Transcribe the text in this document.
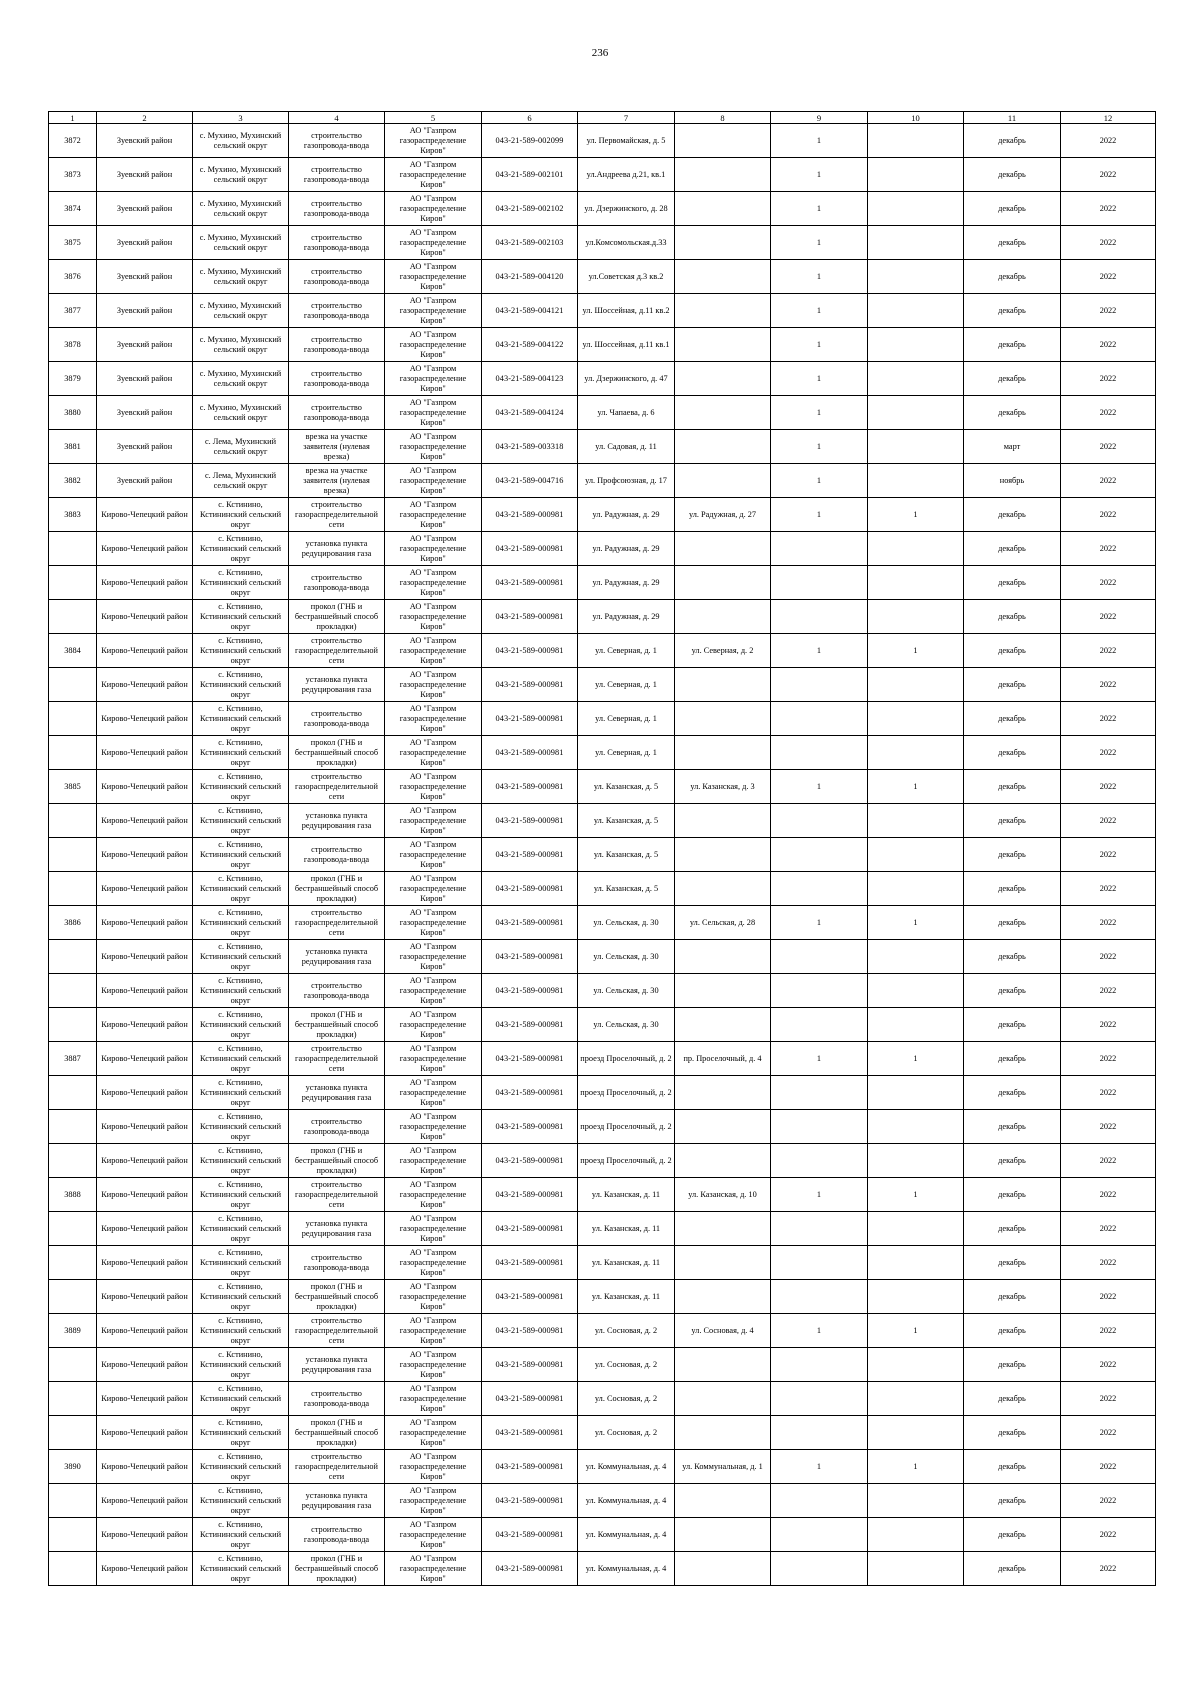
236
1	2	3	4	5	6	7	8	9	10	11	12
3872	Зуевский район	с. Мухино, Мухинский сельский округ	строительство газопровода-ввода	АО "Газпром газораспределение Киров"	043-21-589-002099	ул. Первомайская, д. 5		1		декабрь	2022
3873	Зуевский район	с. Мухино, Мухинский сельский округ	строительство газопровода-ввода	АО "Газпром газораспределение Киров"	043-21-589-002101	ул.Андреева д.21, кв.1		1		декабрь	2022
3874	Зуевский район	с. Мухино, Мухинский сельский округ	строительство газопровода-ввода	АО "Газпром газораспределение Киров"	043-21-589-002102	ул. Дзержинского, д. 28		1		декабрь	2022
3875	Зуевский район	с. Мухино, Мухинский сельский округ	строительство газопровода-ввода	АО "Газпром газораспределение Киров"	043-21-589-002103	ул.Комсомольская.д.33		1		декабрь	2022
3876	Зуевский район	с. Мухино, Мухинский сельский округ	строительство газопровода-ввода	АО "Газпром газораспределение Киров"	043-21-589-004120	ул.Советская д.3 кв.2		1		декабрь	2022
3877	Зуевский район	с. Мухино, Мухинский сельский округ	строительство газопровода-ввода	АО "Газпром газораспределение Киров"	043-21-589-004121	ул. Шоссейная, д.11 кв.2		1		декабрь	2022
3878	Зуевский район	с. Мухино, Мухинский сельский округ	строительство газопровода-ввода	АО "Газпром газораспределение Киров"	043-21-589-004122	ул. Шоссейная, д.11 кв.1		1		декабрь	2022
3879	Зуевский район	с. Мухино, Мухинский сельский округ	строительство газопровода-ввода	АО "Газпром газораспределение Киров"	043-21-589-004123	ул. Дзержинского, д. 47		1		декабрь	2022
3880	Зуевский район	с. Мухино, Мухинский сельский округ	строительство газопровода-ввода	АО "Газпром газораспределение Киров"	043-21-589-004124	ул. Чапаева, д. 6		1		декабрь	2022
3881	Зуевский район	с. Лема, Мухинский сельский округ	врезка на участке заявителя (нулевая врезка)	АО "Газпром газораспределение Киров"	043-21-589-003318	ул. Садовая, д. 11		1		март	2022
3882	Зуевский район	с. Лема, Мухинский сельский округ	врезка на участке заявителя (нулевая врезка)	АО "Газпром газораспределение Киров"	043-21-589-004716	ул. Профсоюзная, д. 17		1		ноябрь	2022
3883	Кирово-Чепецкий район	с. Кстинино, Кстининский сельский округ	строительство газораспределительной сети	АО "Газпром газораспределение Киров"	043-21-589-000981	ул. Радужная, д. 29	ул. Радужная, д. 27	1	1	декабрь	2022
	Кирово-Чепецкий район	с. Кстинино, Кстининский сельский округ	установка пункта редуцирования газа	АО "Газпром газораспределение Киров"	043-21-589-000981	ул. Радужная, д. 29				декабрь	2022
	Кирово-Чепецкий район	с. Кстинино, Кстининский сельский округ	строительство газопровода-ввода	АО "Газпром газораспределение Киров"	043-21-589-000981	ул. Радужная, д. 29				декабрь	2022
	Кирово-Чепецкий район	с. Кстинино, Кстининский сельский округ	прокол (ГНБ и бестраншейный способ прокладки)	АО "Газпром газораспределение Киров"	043-21-589-000981	ул. Радужная, д. 29				декабрь	2022
3884	Кирово-Чепецкий район	с. Кстинино, Кстининский сельский округ	строительство газораспределительной сети	АО "Газпром газораспределение Киров"	043-21-589-000981	ул. Северная, д. 1	ул. Северная, д. 2	1	1	декабрь	2022
	Кирово-Чепецкий район	с. Кстинино, Кстининский сельский округ	установка пункта редуцирования газа	АО "Газпром газораспределение Киров"	043-21-589-000981	ул. Северная, д. 1				декабрь	2022
	Кирово-Чепецкий район	с. Кстинино, Кстининский сельский округ	строительство газопровода-ввода	АО "Газпром газораспределение Киров"	043-21-589-000981	ул. Северная, д. 1				декабрь	2022
	Кирово-Чепецкий район	с. Кстинино, Кстининский сельский округ	прокол (ГНБ и бестраншейный способ прокладки)	АО "Газпром газораспределение Киров"	043-21-589-000981	ул. Северная, д. 1				декабрь	2022
3885	Кирово-Чепецкий район	с. Кстинино, Кстининский сельский округ	строительство газораспределительной сети	АО "Газпром газораспределение Киров"	043-21-589-000981	ул. Казанская, д. 5	ул. Казанская, д. 3	1	1	декабрь	2022
	Кирово-Чепецкий район	с. Кстинино, Кстининский сельский округ	установка пункта редуцирования газа	АО "Газпром газораспределение Киров"	043-21-589-000981	ул. Казанская, д. 5				декабрь	2022
	Кирово-Чепецкий район	с. Кстинино, Кстининский сельский округ	строительство газопровода-ввода	АО "Газпром газораспределение Киров"	043-21-589-000981	ул. Казанская, д. 5				декабрь	2022
	Кирово-Чепецкий район	с. Кстинино, Кстининский сельский округ	прокол (ГНБ и бестраншейный способ прокладки)	АО "Газпром газораспределение Киров"	043-21-589-000981	ул. Казанская, д. 5				декабрь	2022
3886	Кирово-Чепецкий район	с. Кстинино, Кстининский сельский округ	строительство газораспределительной сети	АО "Газпром газораспределение Киров"	043-21-589-000981	ул. Сельская, д. 30	ул. Сельская, д. 28	1	1	декабрь	2022
	Кирово-Чепецкий район	с. Кстинино, Кстининский сельский округ	установка пункта редуцирования газа	АО "Газпром газораспределение Киров"	043-21-589-000981	ул. Сельская, д. 30				декабрь	2022
	Кирово-Чепецкий район	с. Кстинино, Кстининский сельский округ	строительство газопровода-ввода	АО "Газпром газораспределение Киров"	043-21-589-000981	ул. Сельская, д. 30				декабрь	2022
	Кирово-Чепецкий район	с. Кстинино, Кстининский сельский округ	прокол (ГНБ и бестраншейный способ прокладки)	АО "Газпром газораспределение Киров"	043-21-589-000981	ул. Сельская, д. 30				декабрь	2022
3887	Кирово-Чепецкий район	с. Кстинино, Кстининский сельский округ	строительство газораспределительной сети	АО "Газпром газораспределение Киров"	043-21-589-000981	проезд Проселочный, д. 2	пр. Проселочный, д. 4	1	1	декабрь	2022
	Кирово-Чепецкий район	с. Кстинино, Кстининский сельский округ	установка пункта редуцирования газа	АО "Газпром газораспределение Киров"	043-21-589-000981	проезд Проселочный, д. 2				декабрь	2022
	Кирово-Чепецкий район	с. Кстинино, Кстининский сельский округ	строительство газопровода-ввода	АО "Газпром газораспределение Киров"	043-21-589-000981	проезд Проселочный, д. 2				декабрь	2022
	Кирово-Чепецкий район	с. Кстинино, Кстининский сельский округ	прокол (ГНБ и бестраншейный способ прокладки)	АО "Газпром газораспределение Киров"	043-21-589-000981	проезд Проселочный, д. 2				декабрь	2022
3888	Кирово-Чепецкий район	с. Кстинино, Кстининский сельский округ	строительство газораспределительной сети	АО "Газпром газораспределение Киров"	043-21-589-000981	ул. Казанская, д. 11	ул. Казанская, д. 10	1	1	декабрь	2022
	Кирово-Чепецкий район	с. Кстинино, Кстининский сельский округ	установка пункта редуцирования газа	АО "Газпром газораспределение Киров"	043-21-589-000981	ул. Казанская, д. 11				декабрь	2022
	Кирово-Чепецкий район	с. Кстинино, Кстининский сельский округ	строительство газопровода-ввода	АО "Газпром газораспределение Киров"	043-21-589-000981	ул. Казанская, д. 11				декабрь	2022
	Кирово-Чепецкий район	с. Кстинино, Кстининский сельский округ	прокол (ГНБ и бестраншейный способ прокладки)	АО "Газпром газораспределение Киров"	043-21-589-000981	ул. Казанская, д. 11				декабрь	2022
3889	Кирово-Чепецкий район	с. Кстинино, Кстининский сельский округ	строительство газораспределительной сети	АО "Газпром газораспределение Киров"	043-21-589-000981	ул. Сосновая, д. 2	ул. Сосновая, д. 4	1	1	декабрь	2022
	Кирово-Чепецкий район	с. Кстинино, Кстининский сельский округ	установка пункта редуцирования газа	АО "Газпром газораспределение Киров"	043-21-589-000981	ул. Сосновая, д. 2				декабрь	2022
	Кирово-Чепецкий район	с. Кстинино, Кстининский сельский округ	строительство газопровода-ввода	АО "Газпром газораспределение Киров"	043-21-589-000981	ул. Сосновая, д. 2				декабрь	2022
	Кирово-Чепецкий район	с. Кстинино, Кстининский сельский округ	прокол (ГНБ и бестраншейный способ прокладки)	АО "Газпром газораспределение Киров"	043-21-589-000981	ул. Сосновая, д. 2				декабрь	2022
3890	Кирово-Чепецкий район	с. Кстинино, Кстининский сельский округ	строительство газораспределительной сети	АО "Газпром газораспределение Киров"	043-21-589-000981	ул. Коммунальная, д. 4	ул. Коммунальная, д. 1	1	1	декабрь	2022
	Кирово-Чепецкий район	с. Кстинино, Кстининский сельский округ	установка пункта редуцирования газа	АО "Газпром газораспределение Киров"	043-21-589-000981	ул. Коммунальная, д. 4				декабрь	2022
	Кирово-Чепецкий район	с. Кстинино, Кстининский сельский округ	строительство газопровода-ввода	АО "Газпром газораспределение Киров"	043-21-589-000981	ул. Коммунальная, д. 4				декабрь	2022
	Кирово-Чепецкий район	с. Кстинино, Кстининский сельский округ	прокол (ГНБ и бестраншейный способ прокладки)	АО "Газпром газораспределение Киров"	043-21-589-000981	ул. Коммунальная, д. 4				декабрь	2022
